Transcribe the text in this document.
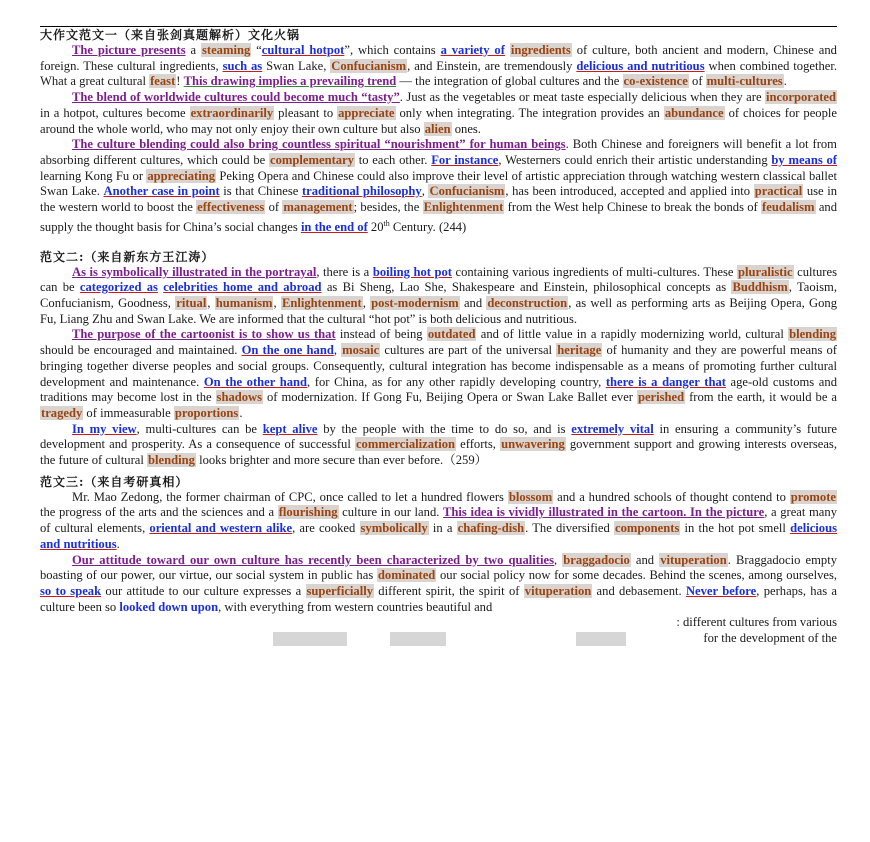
大作文范文一（来自张剑真题解析）文化火锅

The picture presents a steaming “cultural hotpot”, which contains a variety of ingredients of culture, both ancient and modern, Chinese and foreign. These cultural ingredients, such as Swan Lake, Confucianism, and Einstein, are tremendously delicious and nutritious when combined together. What a great cultural feast! This drawing implies a prevailing trend — the integration of global cultures and the co-existence of multi-cultures.

The blend of worldwide cultures could become much “tasty”. Just as the vegetables or meat taste especially delicious when they are incorporated in a hotpot, cultures become extraordinarily pleasant to appreciate only when integrating. The integration provides an abundance of choices for people around the whole world, who may not only enjoy their own culture but also alien ones.

The culture blending could also bring countless spiritual “nourishment” for human beings. Both Chinese and foreigners will benefit a lot from absorbing different cultures, which could be complementary to each other. For instance, Westerners could enrich their artistic understanding by means of learning Kong Fu or appreciating Peking Opera and Chinese could also improve their level of artistic appreciation through watching western classical ballet Swan Lake. Another case in point is that Chinese traditional philosophy, Confucianism, has been introduced, accepted and applied into practical use in the western world to boost the effectiveness of management; besides, the Enlightenment from the West help Chinese to break the bonds of feudalism and supply the thought basis for China’s social changes in the end of 20th Century. (244)

范文二:（来自新东方王江涛）

As is symbolically illustrated in the portrayal, there is a boiling hot pot containing various ingredients of multi-cultures. These pluralistic cultures can be categorized as celebrities home and abroad as Bi Sheng, Lao She, Shakespeare and Einstein, philosophical concepts as Buddhism, Taoism, Confucianism, Goodness, ritual, humanism, Enlightenment, post-modernism and deconstruction, as well as performing arts as Beijing Opera, Gong Fu, Liang Zhu and Swan Lake. We are informed that the cultural “hot pot” is both delicious and nutritious.

The purpose of the cartoonist is to show us that instead of being outdated and of little value in a rapidly modernizing world, cultural blending should be encouraged and maintained. On the one hand, mosaic cultures are part of the universal heritage of humanity and they are powerful means of bringing together diverse peoples and social groups. Consequently, cultural integration has become indispensable as a means of promoting further cultural development and maintenance. On the other hand, for China, as for any other rapidly developing country, there is a danger that age-old customs and traditions may become lost in the shadows of modernization. If Gong Fu, Beijing Opera or Swan Lake Ballet ever perished from the earth, it would be a tragedy of immeasurable proportions.

In my view, multi-cultures can be kept alive by the people with the time to do so, and is extremely vital in ensuring a community’s future development and prosperity. As a consequence of successful commercialization efforts, unwavering government support and growing interests overseas, the future of cultural blending looks brighter and more secure than ever before.（259）

范文三:（来自考研真相）

Mr. Mao Zedong, the former chairman of CPC, once called to let a hundred flowers blossom and a hundred schools of thought contend to promote the progress of the arts and the sciences and a flourishing culture in our land. This idea is vividly illustrated in the cartoon. In the picture, a great many of cultural elements, oriental and western alike, are cooked symbolically in a chafing-dish. The diversified components in the hot pot smell delicious and nutritious.

Our attitude toward our own culture has recently been characterized by two qualities, braggadocio and vituperation. Braggadocio empty boasting of our power, our virtue, our social system in public has dominated our social policy now for some decades. Behind the scenes, among ourselves, so to speak our attitude to our culture expresses a superficially different spirit, the spirit of vituperation and debasement. Never before, perhaps, has a culture been so looked down upon, with everything from western countries beautiful and

: different cultures from various
for the development of the
